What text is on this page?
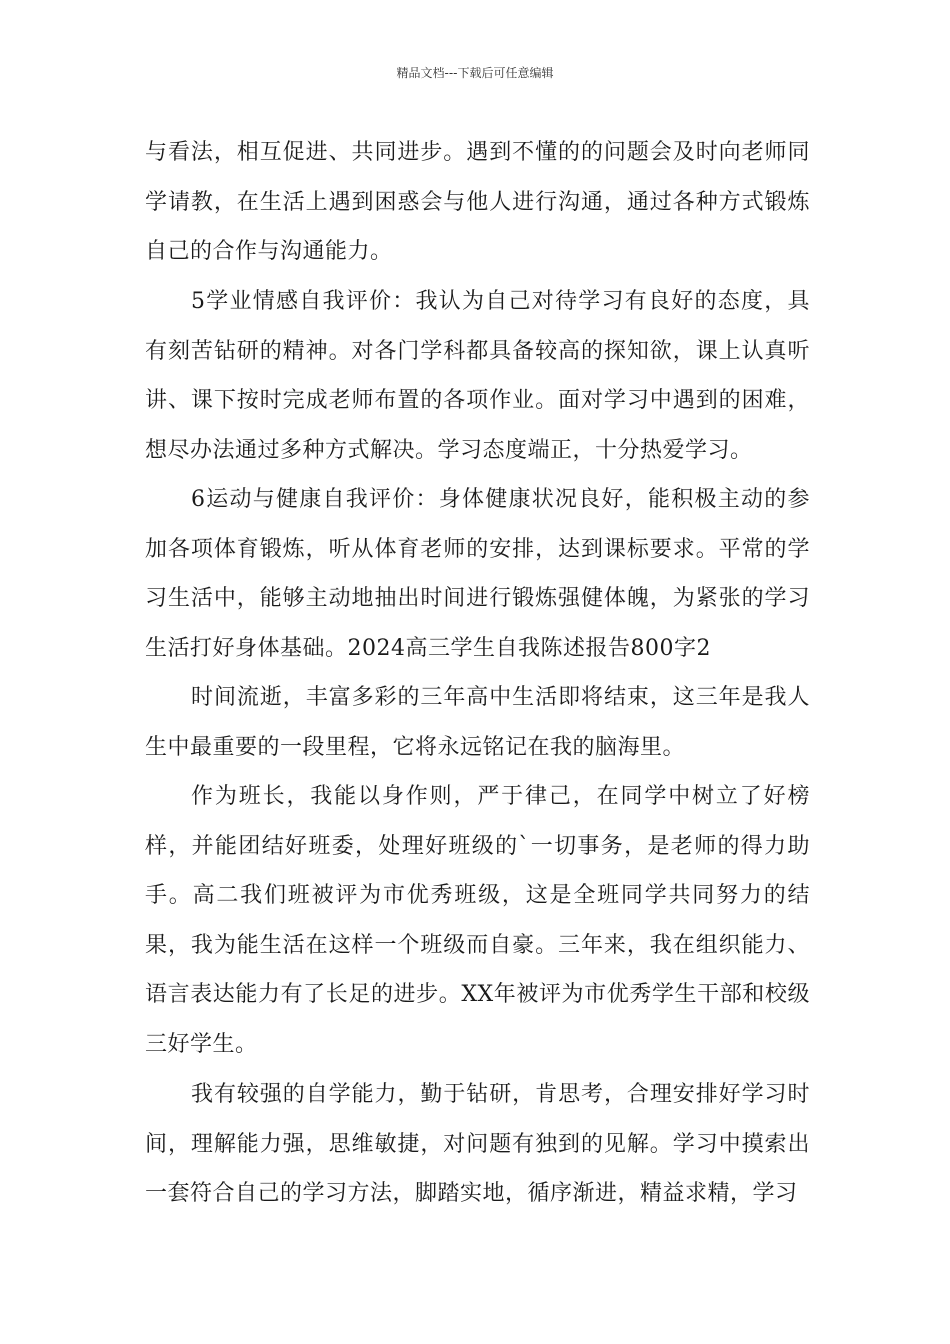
精品文档---下载后可任意编辑

与看法，相互促进、共同进步。遇到不懂的的问题会及时向老师同学请教，在生活上遇到困惑会与他人进行沟通，通过各种方式锻炼自己的合作与沟通能力。

5学业情感自我评价：我认为自己对待学习有良好的态度，具有刻苦钻研的精神。对各门学科都具备较高的探知欲，课上认真听讲、课下按时完成老师布置的各项作业。面对学习中遇到的困难，想尽办法通过多种方式解决。学习态度端正，十分热爱学习。

6运动与健康自我评价：身体健康状况良好，能积极主动的参加各项体育锻炼，听从体育老师的安排，达到课标要求。平常的学习生活中，能够主动地抽出时间进行锻炼强健体魄，为紧张的学习生活打好身体基础。2024高三学生自我陈述报告800字2

时间流逝，丰富多彩的三年高中生活即将结束，这三年是我人生中最重要的一段里程，它将永远铭记在我的脑海里。

作为班长，我能以身作则，严于律己，在同学中树立了好榜样，并能团结好班委，处理好班级的`一切事务，是老师的得力助手。高二我们班被评为市优秀班级，这是全班同学共同努力的结果，我为能生活在这样一个班级而自豪。三年来，我在组织能力、语言表达能力有了长足的进步。XX年被评为市优秀学生干部和校级三好学生。

我有较强的自学能力，勤于钻研，肯思考，合理安排好学习时间，理解能力强，思维敏捷，对问题有独到的见解。学习中摸索出一套符合自己的学习方法，脚踏实地，循序渐进，精益求精，学习
